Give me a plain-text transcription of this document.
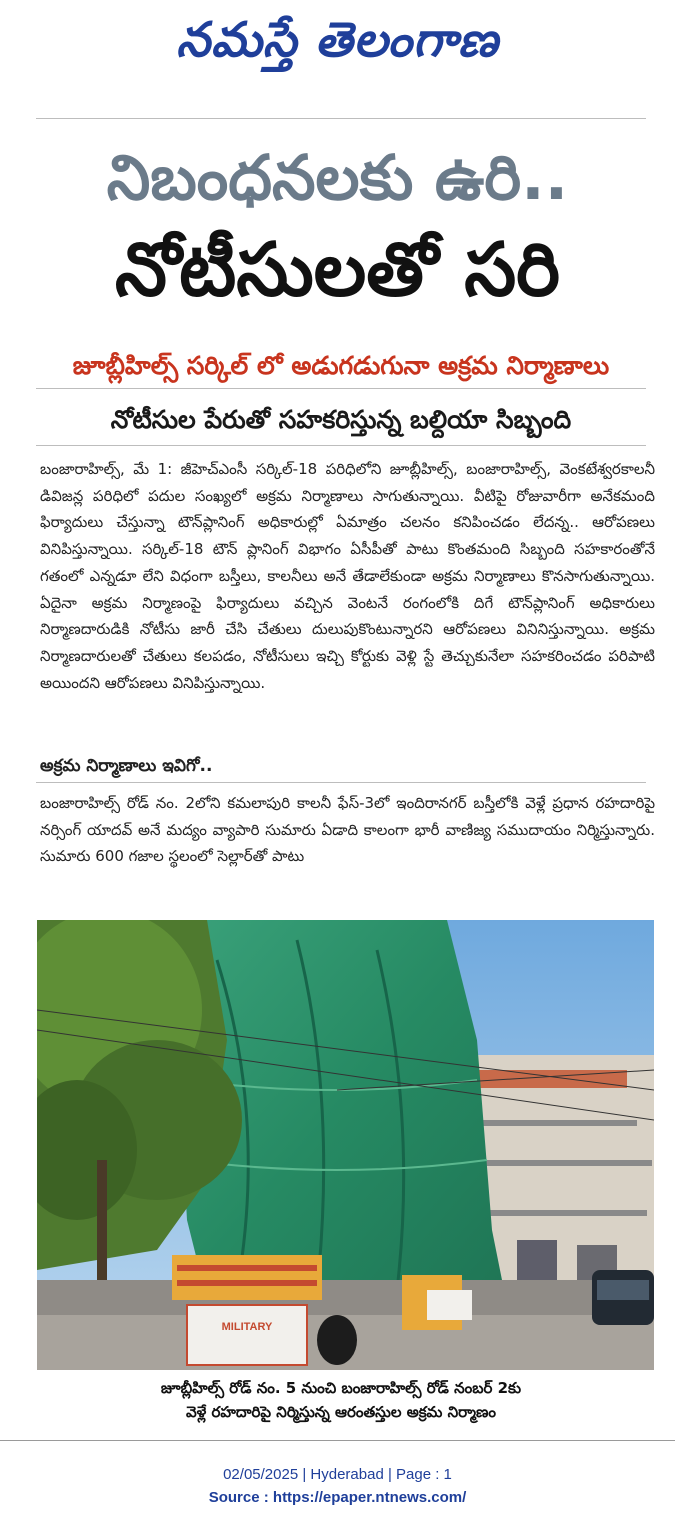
నమస్తే తెలంగాణ
నిబంధనలకు ఉరి..
నోటీసులతో సరి
జూబ్లీహిల్స్ సర్కిల్ లో అడుగడుగునా అక్రమ నిర్మాణాలు
నోటీసుల పేరుతో సహకరిస్తున్న బల్దియా సిబ్బంది
బంజారాహిల్స్, మే 1: జీహెచ్ఎంసీ సర్కిల్-18 పరిధిలోని జూబ్లీహిల్స్, బంజారాహిల్స్, వెంకటేశ్వరకాలనీ డివిజన్ల పరిధిలో పదుల సంఖ్యలో అక్రమ నిర్మాణాలు సాగుతున్నాయి. వీటిపై రోజువారీగా అనేకమంది ఫిర్యాదులు చేస్తున్నా టౌన్‌ప్లానింగ్ అధికారుల్లో ఏమాత్రం చలనం కనిపించడం లేదన్న.. ఆరోపణలు వినిపిస్తున్నాయి. సర్కిల్-18 టౌన్ ప్లానింగ్ విభాగం ఏసీపీతో పాటు కొంతమంది సిబ్బంది సహకారంతోనే గతంలో ఎన్నడూ లేని విధంగా బస్తీలు, కాలనీలు అనే తేడాలేకుండా అక్రమ నిర్మాణాలు కొనసాగుతున్నాయి. ఏదైనా అక్రమ నిర్మాణంపై ఫిర్యాదులు వచ్చిన వెంటనే రంగంలోకి దిగే టౌన్‌ప్లానింగ్ అధికారులు నిర్మాణదారుడికి నోటీసు జారీ చేసి చేతులు దులుపుకొంటున్నారని ఆరోపణలు వినినిస్తున్నాయి. అక్రమ నిర్మాణదారులతో చేతులు కలపడం, నోటీసులు ఇచ్చి కోర్టుకు వెళ్లి స్టే తెచ్చుకునేలా సహకరించడం పరిపాటి అయిందని ఆరోపణలు వినిపిస్తున్నాయి.
అక్రమ నిర్మాణాలు ఇవిగో..
బంజారాహిల్స్ రోడ్ నం. 2లోని కమలాపురి కాలనీ ఫేస్-3లో ఇందిరానగర్ బస్తీలోకి వెళ్లే ప్రధాన రహదారిపై నర్సింగ్ యాదవ్ అనే మద్యం వ్యాపారి సుమారు ఏడాది కాలంగా భారీ వాణిజ్య సముదాయం నిర్మిస్తున్నారు. సుమారు 600 గజాల స్థలంలో సెల్లార్‌తో పాటు
MILITARY
జూబ్లీహిల్స్ రోడ్ నం. 5 నుంచి బంజారాహిల్స్ రోడ్ నంబర్ 2కు
వెళ్లే రహదారిపై నిర్మిస్తున్న ఆరంతస్తుల అక్రమ నిర్మాణం
02/05/2025 | Hyderabad | Page : 1
Source : https://epaper.ntnews.com/
